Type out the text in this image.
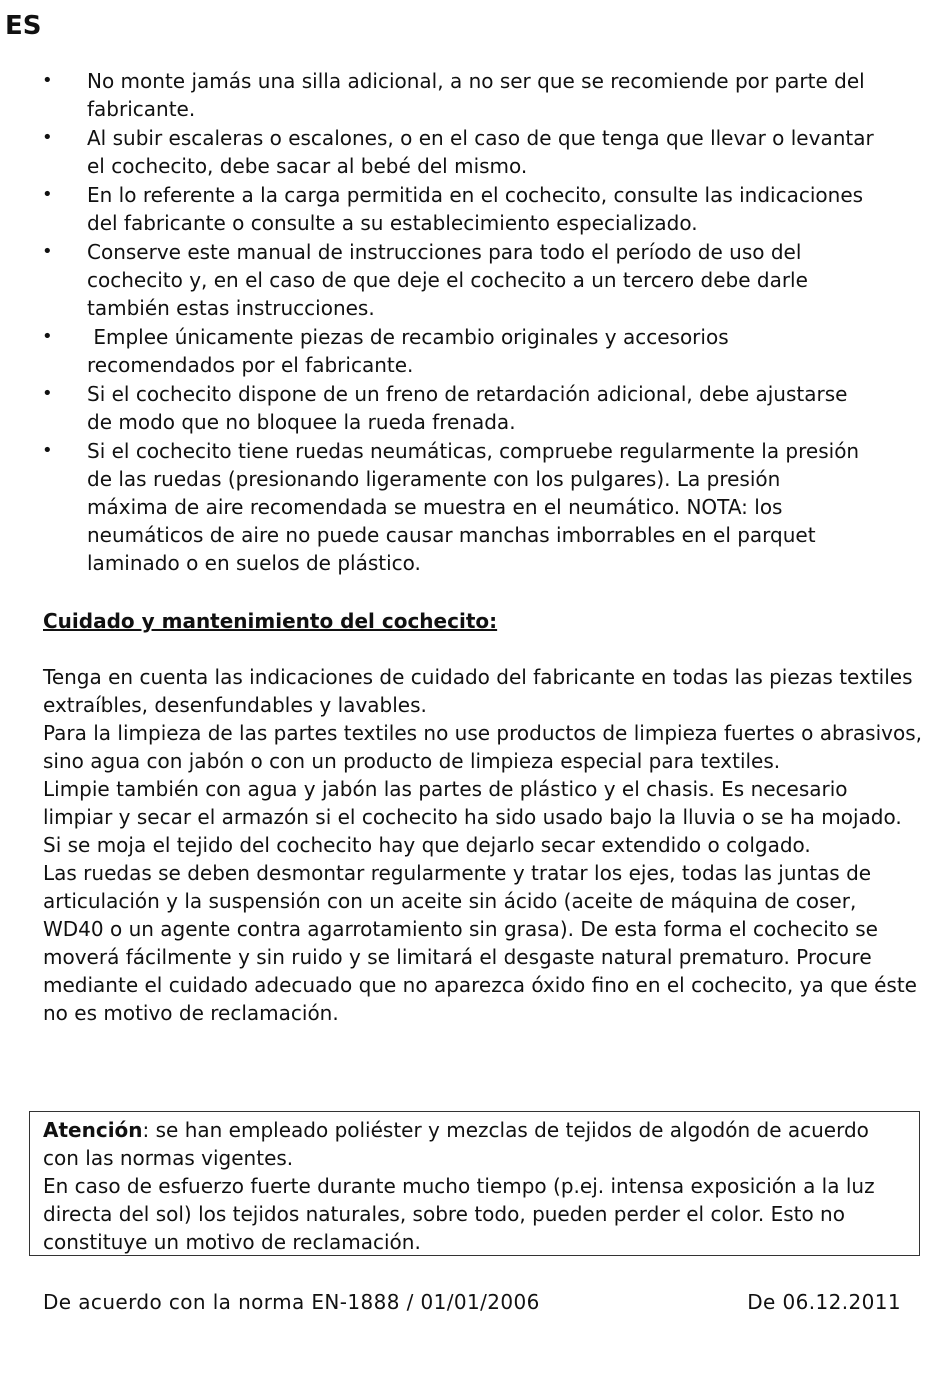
ES
•	No monte jamás una silla adicional, a no ser que se recomiende por parte del
fabricante.
•	Al subir escaleras o escalones, o en el caso de que tenga que llevar o levantar
el cochecito, debe sacar al bebé del mismo.
•	En lo referente a la carga permitida en el cochecito, consulte las indicaciones
del fabricante o consulte a su establecimiento especializado.
•	Conserve este manual de instrucciones para todo el período de uso del
cochecito y, en el caso de que deje el cochecito a un tercero debe darle
también estas instrucciones.
•	Emplee únicamente piezas de recambio originales y accesorios
recomendados por el fabricante.
•	Si el cochecito dispone de un freno de retardación adicional, debe ajustarse
de modo que no bloquee la rueda frenada.
•	Si el cochecito tiene ruedas neumáticas, compruebe regularmente la presión
de las ruedas (presionando ligeramente con los pulgares). La presión
máxima de aire recomendada se muestra en el neumático. NOTA: los
neumáticos de aire no puede causar manchas imborrables en el parquet
laminado o en suelos de plástico.
Cuidado y mantenimiento del cochecito:

Tenga en cuenta las indicaciones de cuidado del fabricante en todas las piezas textiles extraíbles, desenfundables y lavables.

Para la limpieza de las partes textiles no use productos de limpieza fuertes o abrasivos, sino agua con jabón o con un producto de limpieza especial para textiles.

Limpie también con agua y jabón las partes de plástico y el chasis. Es necesario limpiar y secar el armazón si el cochecito ha sido usado bajo la lluvia o se ha mojado. Si se moja el tejido del cochecito hay que dejarlo secar extendido o colgado.

Las ruedas se deben desmontar regularmente y tratar los ejes, todas las juntas de articulación y la suspensión con un aceite sin ácido (aceite de máquina de coser, WD40 o un agente contra agarrotamiento sin grasa). De esta forma el cochecito se moverá fácilmente y sin ruido y se limitará el desgaste natural prematuro. Procure mediante el cuidado adecuado que no aparezca óxido fino en el cochecito, ya que éste no es motivo de reclamación.

Atención: se han empleado poliéster y mezclas de tejidos de algodón de acuerdo con las normas vigentes.

En caso de esfuerzo fuerte durante mucho tiempo (p.ej. intensa exposición a la luz directa del sol) los tejidos naturales, sobre todo, pueden perder el color. Esto no constituye un motivo de reclamación.

De acuerdo con la norma EN-1888 / 01/01/2006	De 06.12.2011
